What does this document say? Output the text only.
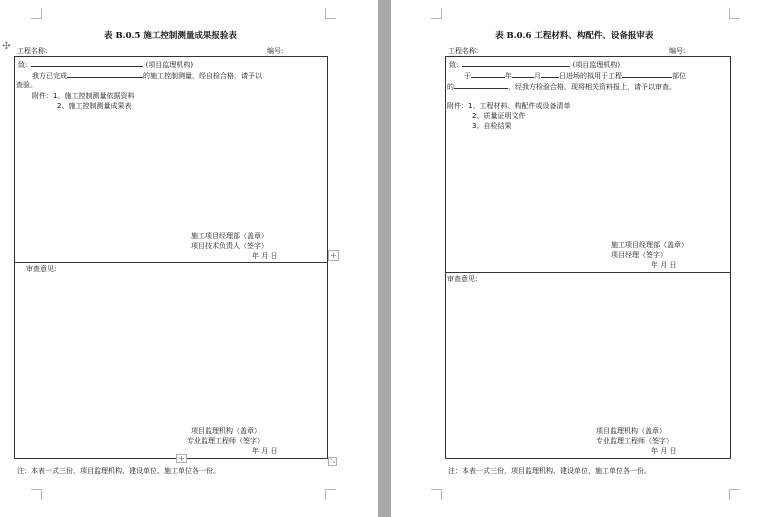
表 B.0.5 施工控制测量成果报验表
✣ 工程名称:	编号:
致:	(项目监理机构)
我方已完成	的施工控制测量，经自检合格，请予以
查验。
附件：1、施工控制测量依据资料
2、施工控制测量成果表
施工项目经理部（盖章）
项目技术负责人（签字）
年 月 日
审查意见:
项目监理机构（盖章）
专业监理工程师（签字）
年 月 日
+
+	⤡
注：本表一式三份，项目监理机构、建设单位、施工单位各一份。
表 B.0.6 工程材料、构配件、设备报审表
工程名称:	编号:
致:	(项目监理机构)
于	年	月	日进场的拟用于工程	部位
的	，经我方检验合格，现将相关资料报上，请予以审查。
附件：1、工程材料、构配件或设备清单
2、质量证明文件
3、自检结果
施工项目经理部（盖章）
项目经理（签字）
年 月 日
审查意见:
项目监理机构（盖章）
专业监理工程师（签字）
年 月 日
注：本表一式三份，项目监理机构、建设单位、施工单位各一份。
